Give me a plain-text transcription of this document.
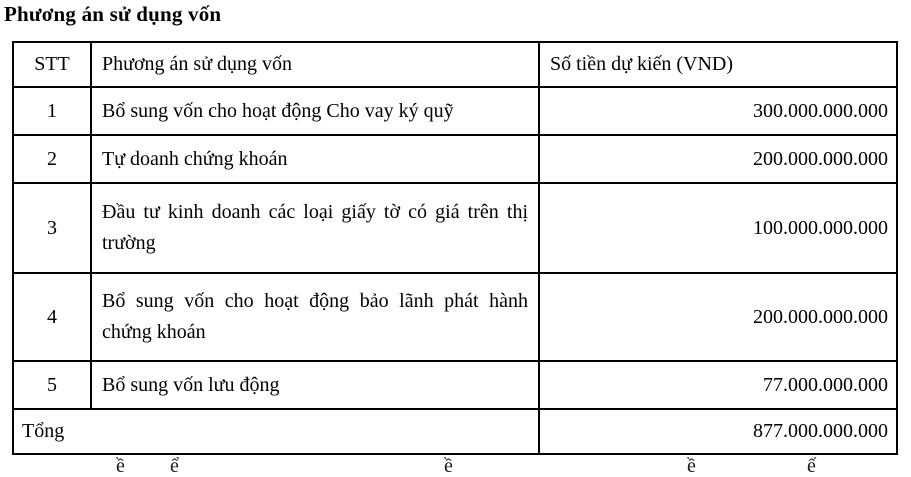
Phương án sử dụng vốn
STT	Phương án sử dụng vốn	Số tiền dự kiến (VND)
1	Bổ sung vốn cho hoạt động Cho vay ký quỹ	300.000.000.000
2	Tự doanh chứng khoán	200.000.000.000
3	Đầu tư kinh doanh các loại giấy tờ có giá trên thị trường	100.000.000.000
4	Bổ sung vốn cho hoạt động bảo lãnh phát hành chứng khoán	200.000.000.000
5	Bổ sung vốn lưu động	77.000.000.000
Tổng		877.000.000.000
ề ể	ề	ề	ế
